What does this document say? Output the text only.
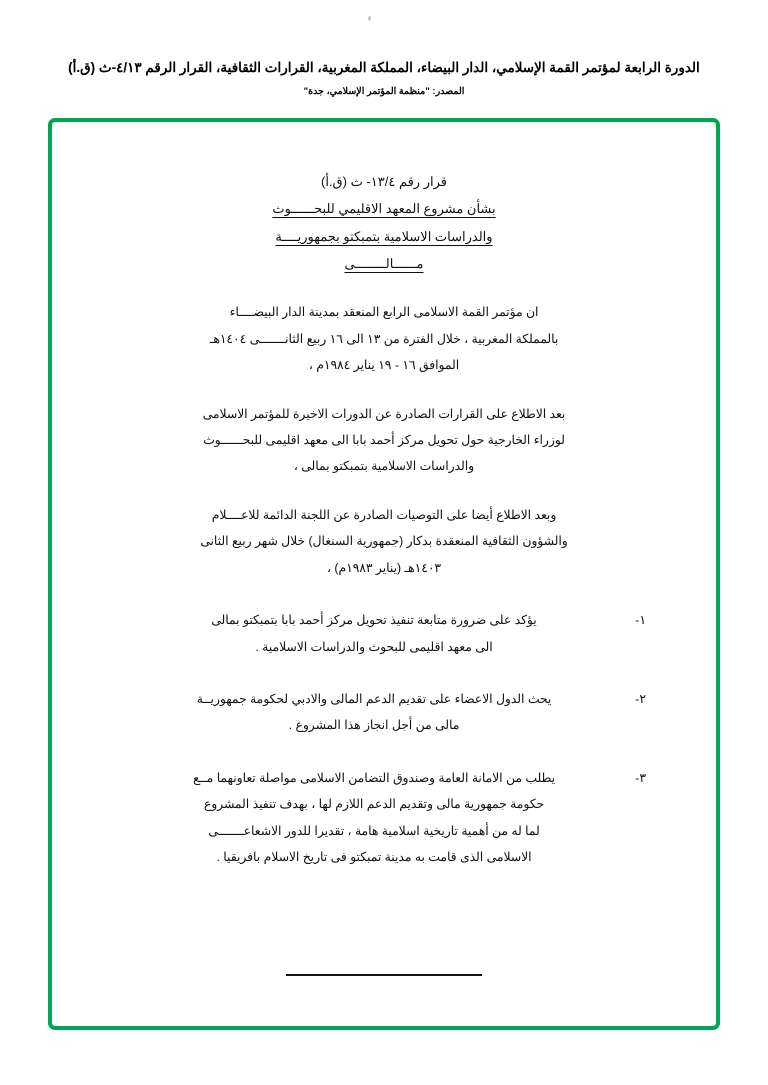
الدورة الرابعة لمؤتمر القمة الإسلامي، الدار البيضاء، المملكة المغربية، القرارات الثقافية، القرار الرقم ٤/١٣-ث (ق.أ)
المصدر: "منظمة المؤتمر الإسلامي، جدة"
قرار رقم ١٣/٤- ث (ق.أ)
بشأن مشروع المعهد الاقليمي للبحــــــوث
والدراسات الاسلامية بتمبكتو بجمهوريــــة
مــــــالــــــــى
ان مؤتمر القمة الاسلامى الرابع المنعقد بمدينة الدار البيضــــاء
بالمملكة المغربية ، خلال الفترة من ١٣ الى ١٦ ربيع الثانـــــــى ١٤٠٤هـ
الموافق ١٦ - ١٩ يناير ١٩٨٤م ،
بعد الاطلاع على القرارات الصادرة عن الدورات الاخيرة للمؤتمر الاسلامى
لوزراء الخارجية حول تحويل مركز أحمد بابا الى معهد اقليمى للبحــــــوث
والدراسات الاسلامية بتمبكتو بمالى ،
وبعد الاطلاع أيضا على التوصيات الصادرة عن اللجنة الدائمة للاعــــلام
والشؤون الثقافية المنعقدة بدكار (جمهورية السنغال) خلال شهر ربيع الثانى
١٤٠٣هـ (يناير ١٩٨٣م) ،
١-
يؤكد على ضرورة متابعة تنفيذ تحويل مركز أحمد بابا بتمبكتو بمالى
الى معهد اقليمى للبحوث والدراسات الاسلامية .
٢-
يحث الدول الاعضاء على تقديم الدعم المالى والادبي لحكومة جمهوريــة
مالى من أجل انجاز هذا المشروع .
٣-
يطلب من الامانة العامة وصندوق التضامن الاسلامى مواصلة تعاونهما مــع
حكومة جمهورية مالى وتقديم الدعم اللازم لها ، بهدف تنفيذ المشروع
لما له من أهمية تاريخية اسلامية هامة ، تقديرا للدور الاشعاعـــــــى
الاسلامى الذى قامت به مدينة تمبكتو فى تاريخ الاسلام بافريقيا .
